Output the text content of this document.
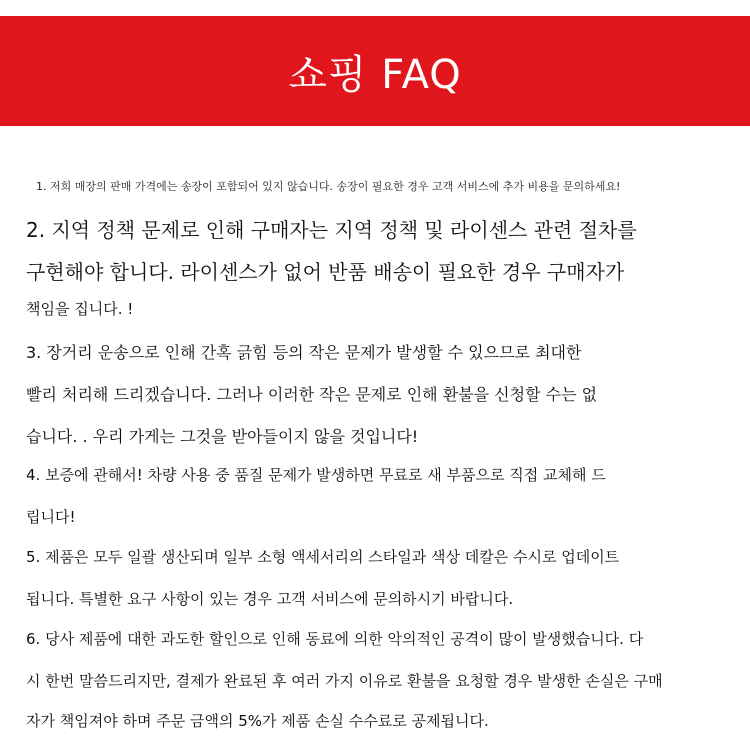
쇼핑 FAQ
1. 저희 매장의 판매 가격에는 송장이 포함되어 있지 않습니다. 송장이 필요한 경우 고객 서비스에 추가 비용을 문의하세요!
2. 지역 정책 문제로 인해 구매자는 지역 정책 및 라이센스 관련 절차를
구현해야 합니다. 라이센스가 없어 반품 배송이 필요한 경우 구매자가
책임을 집니다. !
3. 장거리 운송으로 인해 간혹 긁힘 등의 작은 문제가 발생할 수 있으므로 최대한
빨리 처리해 드리겠습니다. 그러나 이러한 작은 문제로 인해 환불을 신청할 수는 없
습니다. . 우리 가게는 그것을 받아들이지 않을 것입니다!
4. 보증에 관해서! 차량 사용 중 품질 문제가 발생하면 무료로 새 부품으로 직접 교체해 드
립니다!
5. 제품은 모두 일괄 생산되며 일부 소형 액세서리의 스타일과 색상 데칼은 수시로 업데이트
됩니다. 특별한 요구 사항이 있는 경우 고객 서비스에 문의하시기 바랍니다.
6. 당사 제품에 대한 과도한 할인으로 인해 동료에 의한 악의적인 공격이 많이 발생했습니다. 다
시 한번 말씀드리지만, 결제가 완료된 후 여러 가지 이유로 환불을 요청할 경우 발생한 손실은 구매
자가 책임져야 하며 주문 금액의 5%가 제품 손실 수수료로 공제됩니다.
